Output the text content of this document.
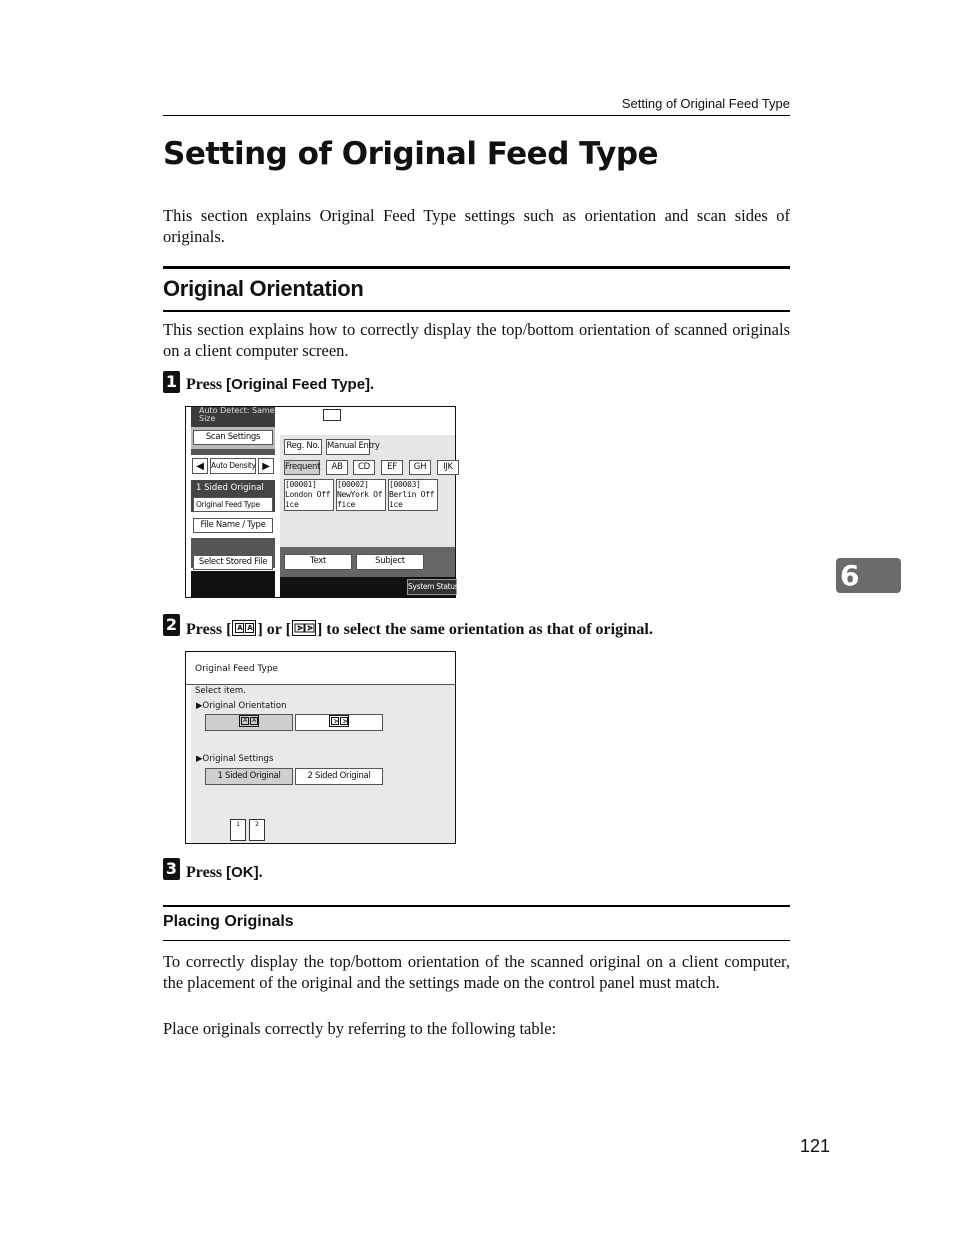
Setting of Original Feed Type
Setting of Original Feed Type
This section explains Original Feed Type settings such as orientation and scan sides of originals.
Original Orientation
This section explains how to correctly display the top/bottom orientation of scanned originals on a client computer screen.
1 Press [Original Feed Type].
Auto Detect: Same Size
Scan Settings
◀ Auto Density ▶
1 Sided Original
Original Feed Type
File Name / Type
Select Stored File
Reg. No. Manual Entry
Frequent	AB	CD	EF	GH	IJK
[00001]
London Office
[00002]
NewYork Office
[00003]
Berlin Office
Text	Subject
System Status
2 Press [ A A ] or [ A A ] to select the same orientation as that of original.
Original Feed Type
Select item.
▶Original Orientation
A A	A A
▶Original Settings
1 Sided Original	2 Sided Original
1	2
3 Press [OK].
Placing Originals
To correctly display the top/bottom orientation of the scanned original on a client computer, the placement of the original and the settings made on the control panel must match.
Place originals correctly by referring to the following table:
6
121
